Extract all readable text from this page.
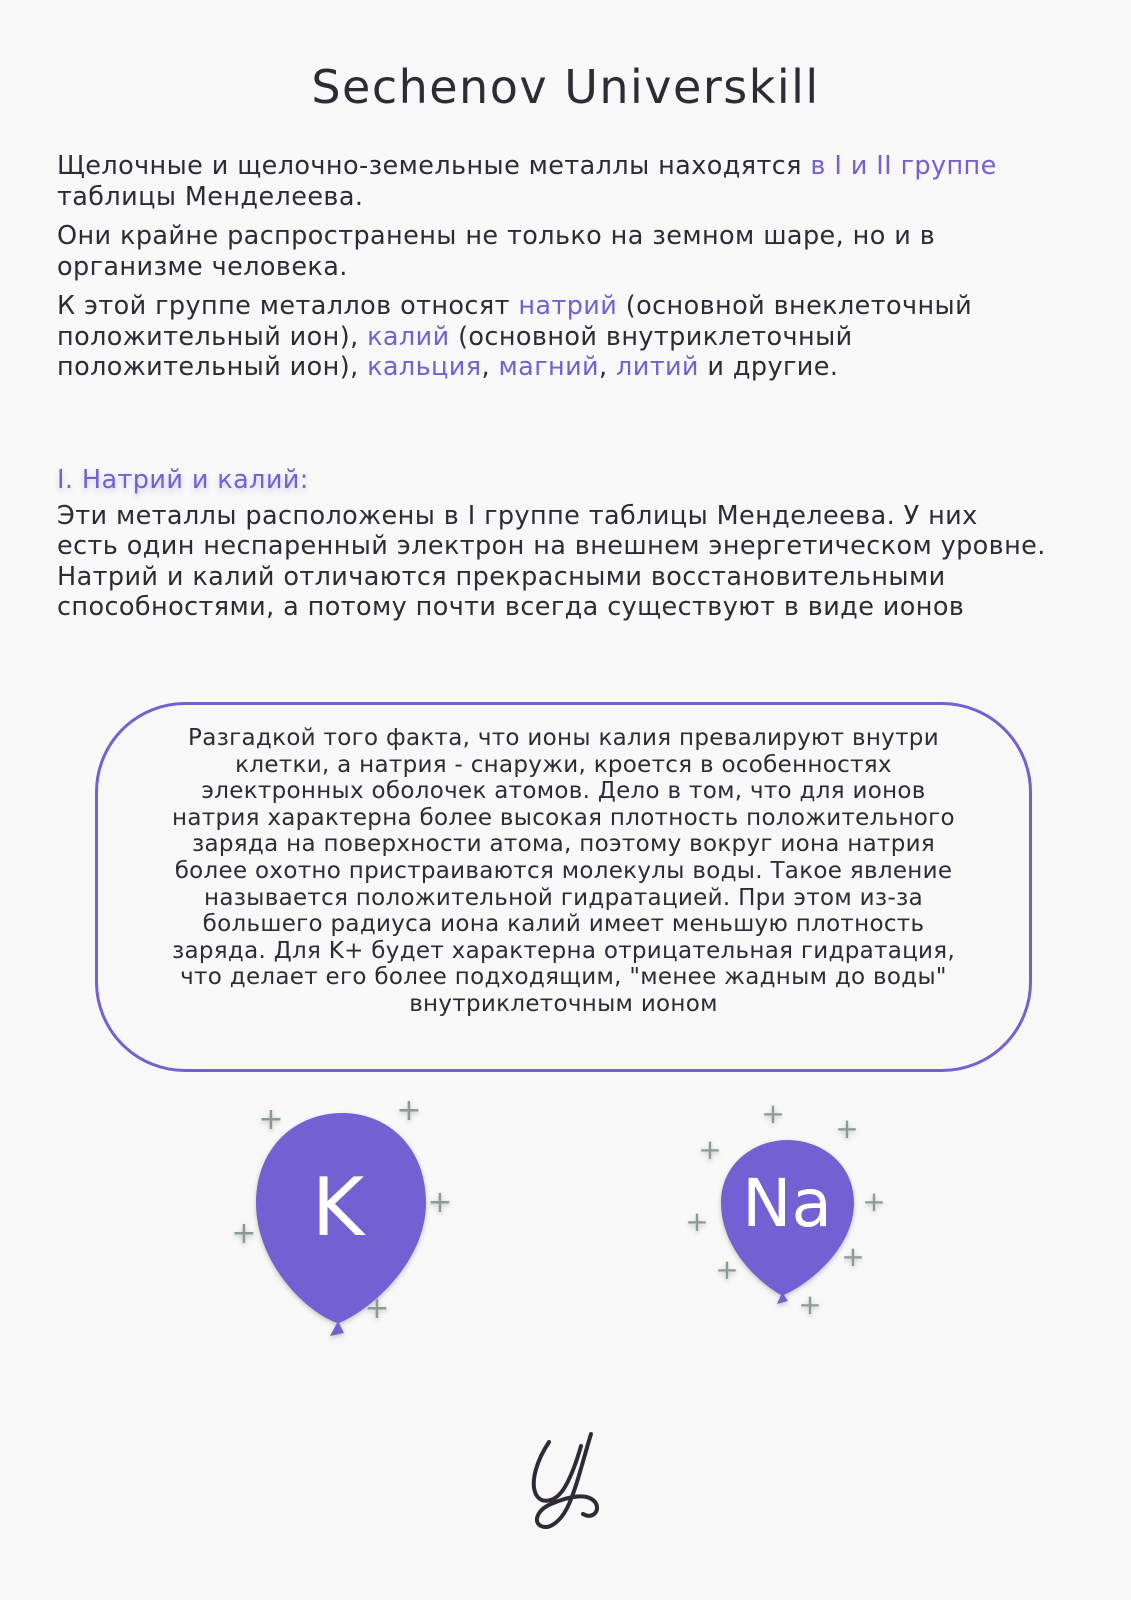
Sechenov Universkill

Щелочные и щелочно-земельные металлы находятся в I и II группе таблицы Менделеева.

Они крайне распространены не только на земном шаре, но и в организме человека.

К этой группе металлов относят натрий (основной внеклеточный положительный ион), калий (основной внутриклеточный положительный ион), кальция, магний, литий и другие.

I. Натрий и калий:

Эти металлы расположены в I группе таблицы Менделеева. У них есть один неспаренный электрон на внешнем энергетическом уровне. Натрий и калий отличаются прекрасными восстановительными способностями, а потому почти всегда существуют в виде ионов

Разгадкой того факта, что ионы калия превалируют внутри клетки, а натрия - снаружи, кроется в особенностях электронных оболочек атомов. Дело в том, что для ионов натрия характерна более высокая плотность положительного заряда на поверхности атома, поэтому вокруг иона натрия более охотно пристраиваются молекулы воды. Такое явление называется положительной гидратацией. При этом из-за большего радиуса иона калий имеет меньшую плотность заряда. Для K+ будет характерна отрицательная гидратация, что делает его более подходящим, "менее жадным до воды" внутриклеточным ионом
K
+	+
+
+
+
Na
+ +
+
+
+
+
+
+
